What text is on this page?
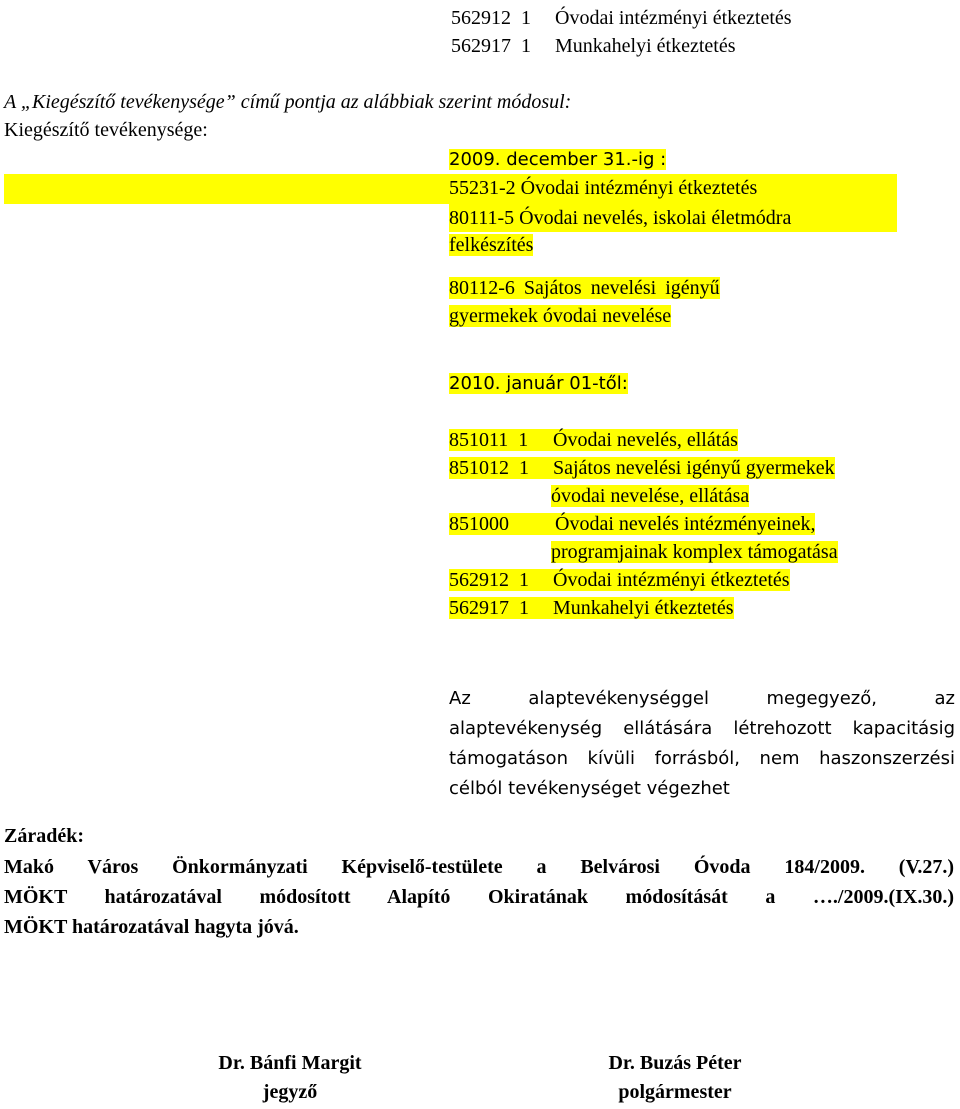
562912  1 Óvodai intézményi étkeztetés
562917  1 Munkahelyi étkeztetés
A „Kiegészítő tevékenysége” című pontja az alábbiak szerint módosul:
Kiegészítő tevékenysége:
2009. december 31.-ig :
55231-2 Óvodai intézményi étkeztetés
80111-5 Óvodai nevelés, iskolai életmódra
felkészítés
80112-6 Sajátos nevelési igényű
gyermekek óvodai nevelése
2010. január 01-től:
851011  1 Óvodai nevelés, ellátás
851012  1 Sajátos nevelési igényű gyermekek
óvodai nevelése, ellátása
851000 Óvodai nevelés intézményeinek,
programjainak komplex támogatása
562912  1 Óvodai intézményi étkeztetés
562917  1 Munkahelyi étkeztetés
Az alaptevékenységgel megegyező, az
alaptevékenység ellátására létrehozott kapacitásig
támogatáson kívüli forrásból, nem haszonszerzési
célból tevékenységet végezhet
Záradék:
Makó Város Önkormányzati Képviselő-testülete a Belvárosi Óvoda 184/2009. (V.27.)
MÖKT határozatával módosított Alapító Okiratának módosítását a …./2009.(IX.30.)
MÖKT határozatával hagyta jóvá.
Dr. Bánfi Margit
jegyző
Dr. Buzás Péter
polgármester
